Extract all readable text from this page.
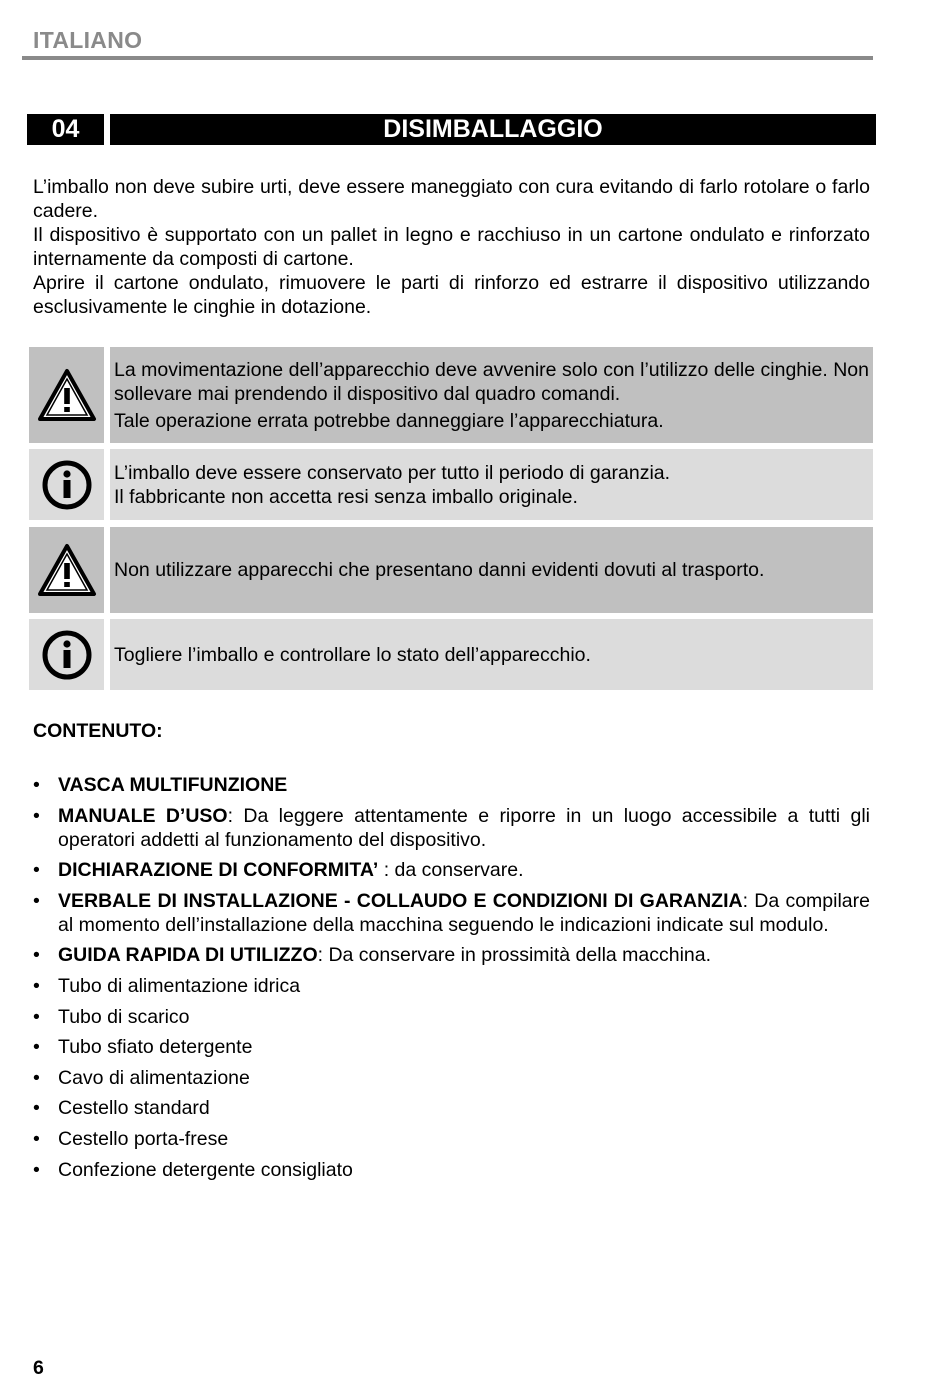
ITALIANO
04	DISIMBALLAGGIO

L’imballo non deve subire urti, deve essere maneggiato con cura evitando di farlo rotolare o farlo cadere.

Il dispositivo è supportato con un pallet in legno e racchiuso in un cartone ondulato e rinforzato internamente da composti di cartone.

Aprire il cartone ondulato, rimuovere le parti di rinforzo ed estrarre il dispositivo utilizzando esclusivamente le cinghie in dotazione.

La movimentazione dell’apparecchio deve avvenire solo con l’utilizzo delle cinghie. Non sollevare mai prendendo il dispositivo dal quadro comandi.
Tale operazione errata potrebbe danneggiare l’apparecchiatura.
L’imballo deve essere conservato per tutto il periodo di garanzia.
Il fabbricante non accetta resi senza imballo originale.
Non utilizzare apparecchi che presentano danni evidenti dovuti al trasporto.
Togliere l’imballo e controllare lo stato dell’apparecchio.
CONTENUTO:
• VASCA MULTIFUNZIONE
• MANUALE D’USO: Da leggere attentamente e riporre in un luogo accessibile a tutti gli operatori addetti al funzionamento del dispositivo.
• DICHIARAZIONE DI CONFORMITA’ : da conservare.
• VERBALE DI INSTALLAZIONE - COLLAUDO E CONDIZIONI DI GARANZIA: Da compilare al momento dell’installazione della macchina seguendo le indicazioni indicate sul modulo.
• GUIDA RAPIDA DI UTILIZZO: Da conservare in prossimità della macchina.
• Tubo di alimentazione idrica
• Tubo di scarico
• Tubo sfiato detergente
• Cavo di alimentazione
• Cestello standard
• Cestello porta-frese
• Confezione detergente consigliato
6
